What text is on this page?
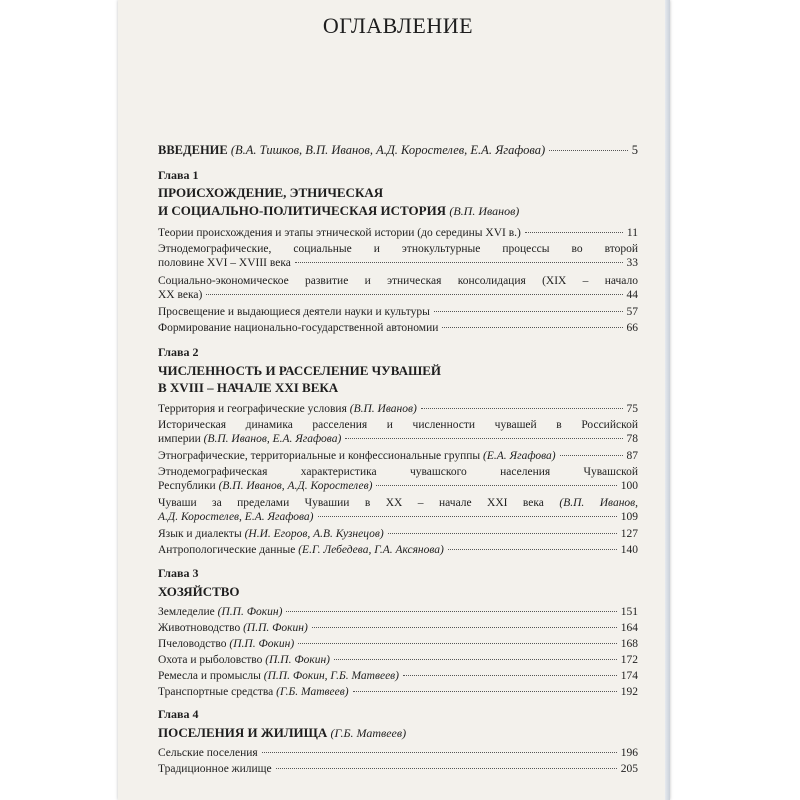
ОГЛАВЛЕНИЕ
ВВЕДЕНИЕ (В.А. Тишков, В.П. Иванов, А.Д. Коростелев, Е.А. Ягафова)	5
Глава 1
ПРОИСХОЖДЕНИЕ, ЭТНИЧЕСКАЯ
И СОЦИАЛЬНО-ПОЛИТИЧЕСКАЯ ИСТОРИЯ (В.П. Иванов)
Теории происхождения и этапы этнической истории (до середины XVI в.)	11
Этнодемографические, социальные и этнокультурные процессы во второй
половине XVI – XVIII века	33
Социально-экономическое развитие и этническая консолидация (XIX – начало
XX века)	44
Просвещение и выдающиеся деятели науки и культуры	57
Формирование национально-государственной автономии	66
Глава 2
ЧИСЛЕННОСТЬ И РАССЕЛЕНИЕ ЧУВАШЕЙ
В XVIII – НАЧАЛЕ XXI ВЕКА
Территория и географические условия (В.П. Иванов)	75
Историческая динамика расселения и численности чувашей в Российской
империи (В.П. Иванов, Е.А. Ягафова)	78
Этнографические, территориальные и конфессиональные группы (Е.А. Ягафова)	87
Этнодемографическая характеристика чувашского населения Чувашской
Республики (В.П. Иванов, А.Д. Коростелев)	100
Чуваши за пределами Чувашии в XX – начале XXI века (В.П. Иванов,
А.Д. Коростелев, Е.А. Ягафова)	109
Язык и диалекты (Н.И. Егоров, А.В. Кузнецов)	127
Антропологические данные (Е.Г. Лебедева, Г.А. Аксянова)	140
Глава 3
ХОЗЯЙСТВО
Земледелие (П.П. Фокин)	151
Животноводство (П.П. Фокин)	164
Пчеловодство (П.П. Фокин)	168
Охота и рыболовство (П.П. Фокин)	172
Ремесла и промыслы (П.П. Фокин, Г.Б. Матвеев)	174
Транспортные средства (Г.Б. Матвеев)	192
Глава 4
ПОСЕЛЕНИЯ И ЖИЛИЩА (Г.Б. Матвеев)
Сельские поселения	196
Традиционное жилище	205
